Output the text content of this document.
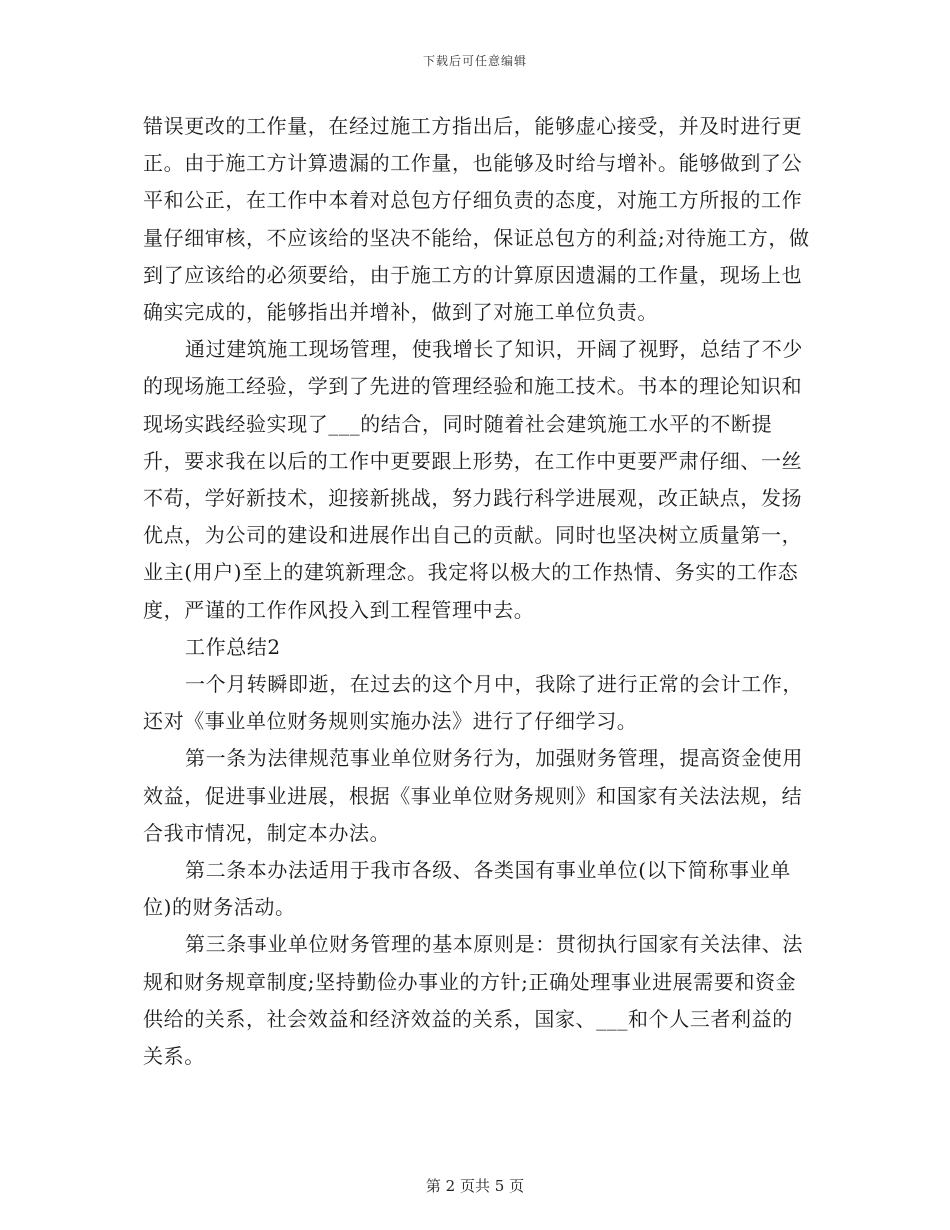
下载后可任意编辑

错误更改的工作量，在经过施工方指出后，能够虚心接受，并及时进行更正。由于施工方计算遗漏的工作量，也能够及时给与增补。能够做到了公平和公正，在工作中本着对总包方仔细负责的态度，对施工方所报的工作量仔细审核，不应该给的坚决不能给，保证总包方的利益;对待施工方，做到了应该给的必须要给，由于施工方的计算原因遗漏的工作量，现场上也确实完成的，能够指出并增补，做到了对施工单位负责。

通过建筑施工现场管理，使我增长了知识，开阔了视野，总结了不少的现场施工经验，学到了先进的管理经验和施工技术。书本的理论知识和现场实践经验实现了___的结合，同时随着社会建筑施工水平的不断提升，要求我在以后的工作中更要跟上形势，在工作中更要严肃仔细、一丝不苟，学好新技术，迎接新挑战，努力践行科学进展观，改正缺点，发扬优点，为公司的建设和进展作出自己的贡献。同时也坚决树立质量第一，业主(用户)至上的建筑新理念。我定将以极大的工作热情、务实的工作态度，严谨的工作作风投入到工程管理中去。

工作总结2

一个月转瞬即逝，在过去的这个月中，我除了进行正常的会计工作，还对《事业单位财务规则实施办法》进行了仔细学习。

第一条为法律规范事业单位财务行为，加强财务管理，提高资金使用效益，促进事业进展，根据《事业单位财务规则》和国家有关法法规，结合我市情况，制定本办法。

第二条本办法适用于我市各级、各类国有事业单位(以下简称事业单位)的财务活动。

第三条事业单位财务管理的基本原则是：贯彻执行国家有关法律、法规和财务规章制度;坚持勤俭办事业的方针;正确处理事业进展需要和资金供给的关系，社会效益和经济效益的关系，国家、___和个人三者利益的关系。

第 2 页共 5 页
